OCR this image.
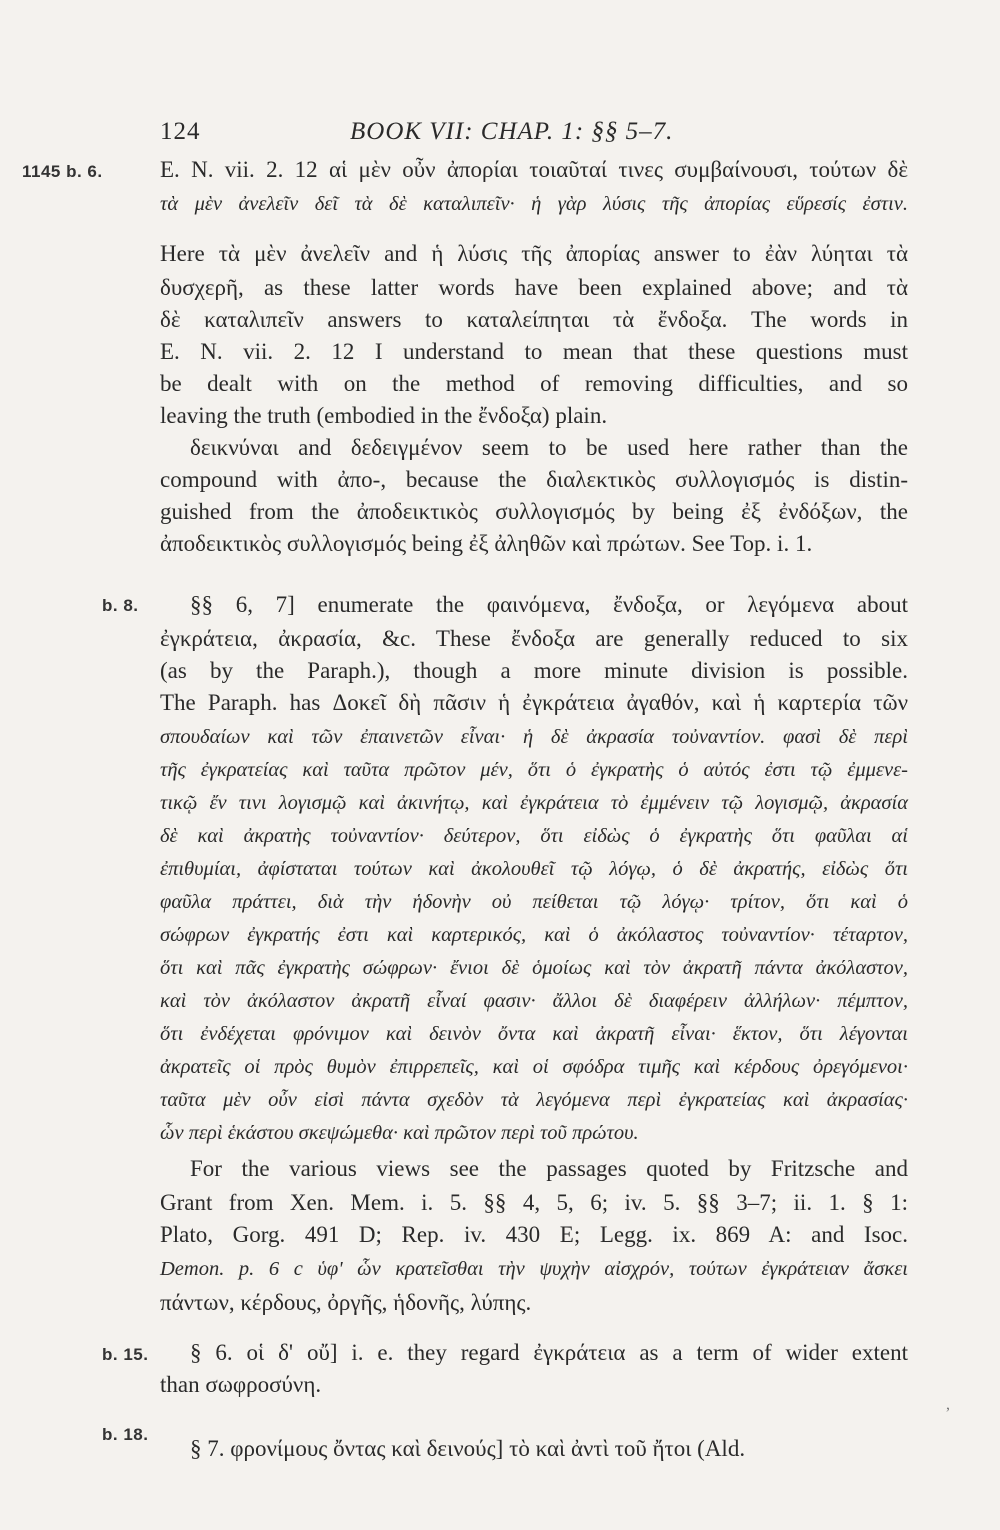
124	BOOK VII: CHAP. 1: §§ 5–7.
1145 b. 6. E. N. vii. 2. 12 αἱ μὲν οὖν ἀπορίαι τοιαῦταί τινες συμβαίνουσι, τούτων δὲ
τὰ μὲν ἀνελεῖν δεῖ τὰ δὲ καταλιπεῖν· ἡ γὰρ λύσις τῆς ἀπορίας εὕρεσίς ἐστιν.
Here τὰ μὲν ἀνελεῖν and ἡ λύσις τῆς ἀπορίας answer to ἐὰν λύηται τὰ
δυσχερῆ, as these latter words have been explained above; and τὰ
δὲ καταλιπεῖν answers to καταλείπηται τὰ ἔνδοξα. The words in
E. N. vii. 2. 12 I understand to mean that these questions must
be dealt with on the method of removing difficulties, and so
leaving the truth (embodied in the ἔνδοξα) plain.
δεικνύναι and δεδειγμένον seem to be used here rather than the
compound with ἀπο-, because the διαλεκτικὸς συλλογισμός is distin-
guished from the ἀποδεικτικὸς συλλογισμός by being ἐξ ἐνδόξων, the
ἀποδεικτικὸς συλλογισμός being ἐξ ἀληθῶν καὶ πρώτων. See Top. i. 1.
b. 8. §§ 6, 7] enumerate the φαινόμενα, ἔνδοξα, or λεγόμενα about
ἐγκράτεια, ἀκρασία, &c. These ἔνδοξα are generally reduced to six
(as by the Paraph.), though a more minute division is possible.
The Paraph. has Δοκεῖ δὴ πᾶσιν ἡ ἐγκράτεια ἀγαθόν, καὶ ἡ καρτερία τῶν
σπουδαίων καὶ τῶν ἐπαινετῶν εἶναι· ἡ δὲ ἀκρασία τοὐναντίον. φασὶ δὲ περὶ
τῆς ἐγκρατείας καὶ ταῦτα πρῶτον μέν, ὅτι ὁ ἐγκρατὴς ὁ αὐτός ἐστι τῷ ἐμμενε-
τικῷ ἔν τινι λογισμῷ καὶ ἀκινήτῳ, καὶ ἐγκράτεια τὸ ἐμμένειν τῷ λογισμῷ, ἀκρασία
δὲ καὶ ἀκρατὴς τοὐναντίον· δεύτερον, ὅτι εἰδὼς ὁ ἐγκρατὴς ὅτι φαῦλαι αἱ
ἐπιθυμίαι, ἀφίσταται τούτων καὶ ἀκολουθεῖ τῷ λόγῳ, ὁ δὲ ἀκρατής, εἰδὼς ὅτι
φαῦλα πράττει, διὰ τὴν ἡδονὴν οὐ πείθεται τῷ λόγῳ· τρίτον, ὅτι καὶ ὁ
σώφρων ἐγκρατής ἐστι καὶ καρτερικός, καὶ ὁ ἀκόλαστος τοὐναντίον· τέταρτον,
ὅτι καὶ πᾶς ἐγκρατὴς σώφρων· ἔνιοι δὲ ὁμοίως καὶ τὸν ἀκρατῆ πάντα ἀκόλαστον,
καὶ τὸν ἀκόλαστον ἀκρατῆ εἶναί φασιν· ἄλλοι δὲ διαφέρειν ἀλλήλων· πέμπτον,
ὅτι ἐνδέχεται φρόνιμον καὶ δεινὸν ὄντα καὶ ἀκρατῆ εἶναι· ἕκτον, ὅτι λέγονται
ἀκρατεῖς οἱ πρὸς θυμὸν ἐπιρρεπεῖς, καὶ οἱ σφόδρα τιμῆς καὶ κέρδους ὀρεγόμενοι·
ταῦτα μὲν οὖν εἰσὶ πάντα σχεδὸν τὰ λεγόμενα περὶ ἐγκρατείας καὶ ἀκρασίας·
ὧν περὶ ἑκάστου σκεψώμεθα· καὶ πρῶτον περὶ τοῦ πρώτου.
For the various views see the passages quoted by Fritzsche and
Grant from Xen. Mem. i. 5. §§ 4, 5, 6; iv. 5. §§ 3–7; ii. 1. § 1:
Plato, Gorg. 491 D; Rep. iv. 430 E; Legg. ix. 869 A: and Isoc.
Demon. p. 6 c ὑφ' ὧν κρατεῖσθαι τὴν ψυχὴν αἰσχρόν, τούτων ἐγκράτειαν ἄσκει
πάντων, κέρδους, ὀργῆς, ἡδονῆς, λύπης.
b. 15. § 6. οἱ δ' οὔ] i. e. they regard ἐγκράτεια as a term of wider extent
than σωφροσύνη.
b. 18.
§ 7. φρονίμους ὄντας καὶ δεινούς] τὸ καὶ ἀντὶ τοῦ ἤτοι (Ald.
,
